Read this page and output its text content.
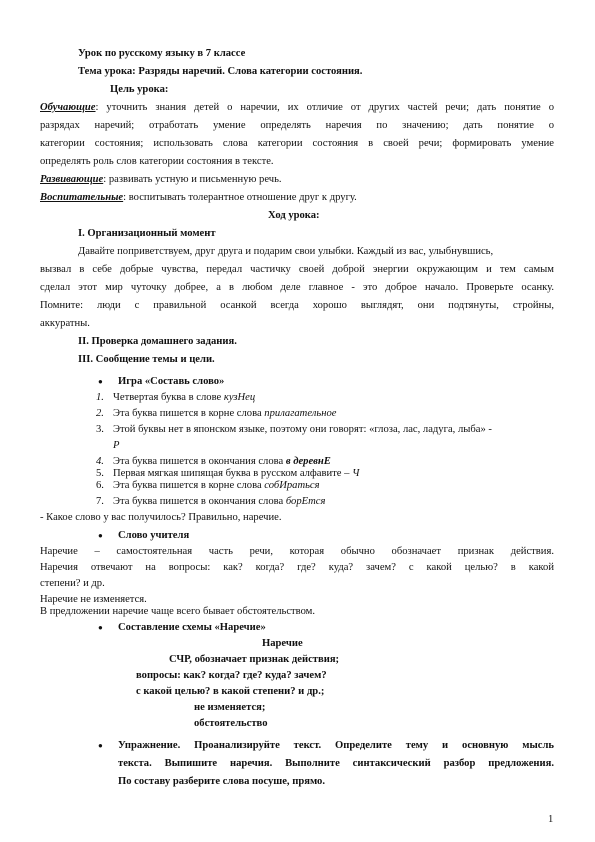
Урок по русскому языку в 7 классе
Тема урока: Разряды наречий. Слова категории состояния.
Цель урока:
Обучающие: уточнить знания детей о наречии, их отличие от других частей речи; дать понятие о
разрядах наречий; отработать умение определять наречия по значению; дать понятие о
категории состояния; использовать слова категории состояния в своей речи; формировать умение
определять роль слов категории состояния в тексте.
Развивающие: развивать устную и письменную речь.
Воспитательные: воспитывать толерантное отношение друг к другу.
Ход урока:
I. Организационный момент
Давайте поприветствуем, друг друга и подарим свои улыбки. Каждый из вас, улыбнувшись,
вызвал в себе добрые чувства, передал частичку своей доброй энергии окружающим и тем самым
сделал этот мир чуточку добрее, а в любом деле главное - это доброе начало. Проверьте осанку.
Помните: люди с правильной осанкой всегда хорошо выглядят, они подтянуты, стройны,
аккуратны.
II. Проверка домашнего задания.
III. Сообщение темы и цели.
● Игра «Составь слово»
1. Четвертая буква в слове кузНец
2. Эта буква пишется в корне слова прилагательное
3. Этой буквы нет в японском языке, поэтому они говорят: «глоза, лас, ладуга, лыба» -
Р
4. Эта буква пишется в окончания слова в деревнЕ
5. Первая мягкая шипящая буква в русском алфавите – Ч
6. Эта буква пишется в корне слова собИраться
7. Эта буква пишется в окончания слова борЕтся
- Какое слово у вас получилось? Правильно, наречие.
● Слово учителя
Наречие – самостоятельная часть речи, которая обычно обозначает признак действия.
Наречия отвечают на вопросы: как? когда? где? куда? зачем? с какой целью? в какой
степени? и др.
Наречие не изменяется.
В предложении наречие чаще всего бывает обстоятельством.
● Составление схемы «Наречие»
Наречие
СЧР, обозначает признак действия;
вопросы: как? когда? где? куда? зачем?
с какой целью? в какой степени? и др.;
не изменяется;
обстоятельство
● Упражнение. Проанализируйте текст. Определите тему и основную мысль
1
текста. Выпишите наречия. Выполните синтаксический разбор предложения.
По составу разберите слова посуше, прямо.
